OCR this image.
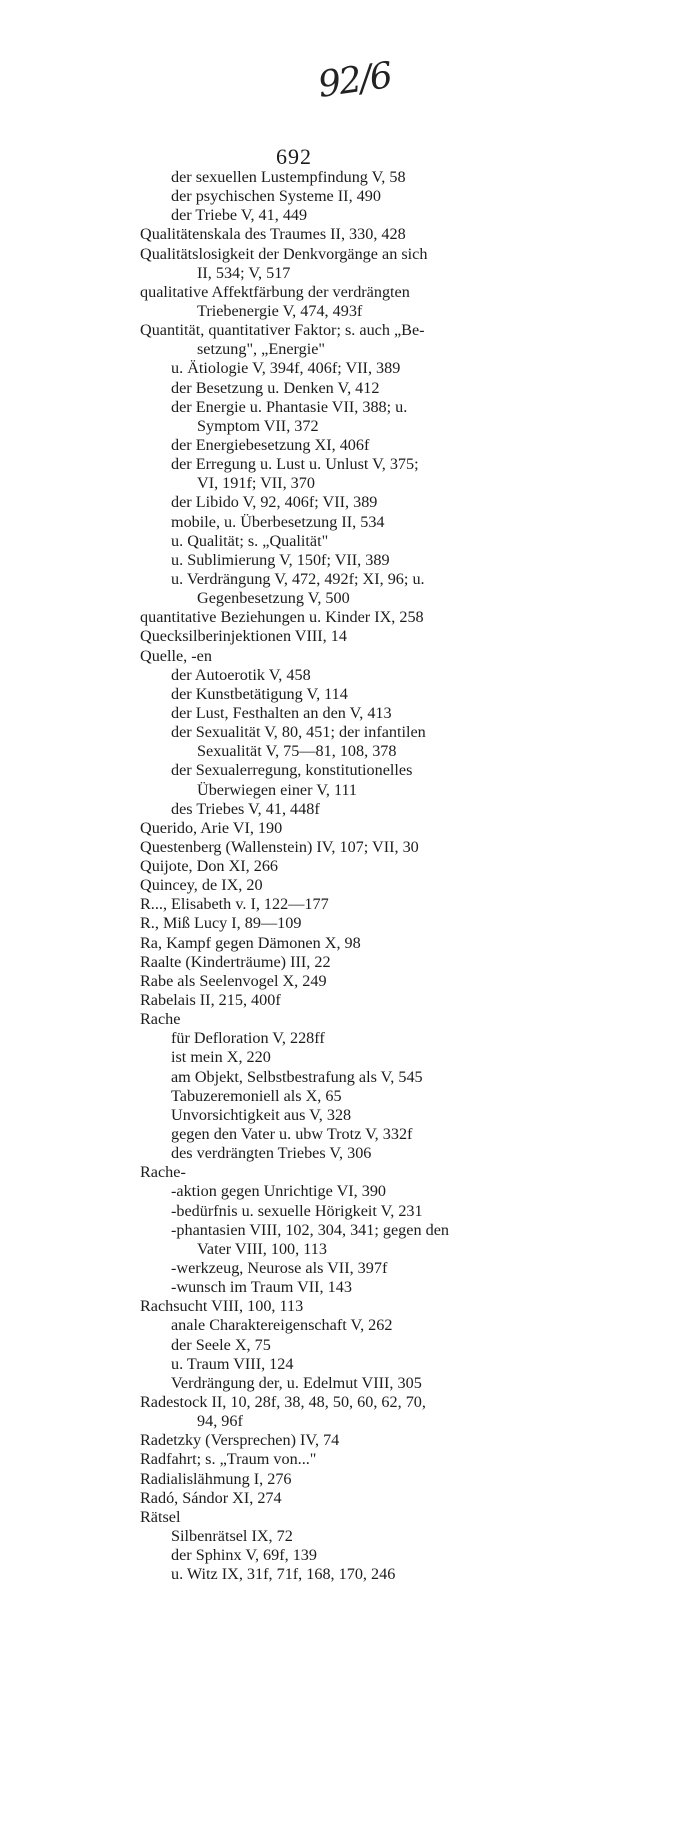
92/6
692
der sexuellen Lustempfindung V, 58
der psychischen Systeme II, 490
der Triebe V, 41, 449
Qualitätenskala des Traumes II, 330, 428
Qualitätslosigkeit der Denkvorgänge an sich
II, 534; V, 517
qualitative Affektfärbung der verdrängten
Triebenergie V, 474, 493f
Quantität, quantitativer Faktor; s. auch „Be-
setzung", „Energie"
u. Ätiologie V, 394f, 406f; VII, 389
der Besetzung u. Denken V, 412
der Energie u. Phantasie VII, 388; u.
Symptom VII, 372
der Energiebesetzung XI, 406f
der Erregung u. Lust u. Unlust V, 375;
VI, 191f; VII, 370
der Libido V, 92, 406f; VII, 389
mobile, u. Überbesetzung II, 534
u. Qualität; s. „Qualität"
u. Sublimierung V, 150f; VII, 389
u. Verdrängung V, 472, 492f; XI, 96; u.
Gegenbesetzung V, 500
quantitative Beziehungen u. Kinder IX, 258
Quecksilberinjektionen VIII, 14
Quelle, -en
der Autoerotik V, 458
der Kunstbetätigung V, 114
der Lust, Festhalten an den V, 413
der Sexualität V, 80, 451; der infantilen
Sexualität V, 75—81, 108, 378
der Sexualerregung, konstitutionelles
Überwiegen einer V, 111
des Triebes V, 41, 448f
Querido, Arie VI, 190
Questenberg (Wallenstein) IV, 107; VII, 30
Quijote, Don XI, 266
Quincey, de IX, 20
R..., Elisabeth v. I, 122—177
R., Miß Lucy I, 89—109
Ra, Kampf gegen Dämonen X, 98
Raalte (Kinderträume) III, 22
Rabe als Seelenvogel X, 249
Rabelais II, 215, 400f
Rache
für Defloration V, 228ff
ist mein X, 220
am Objekt, Selbstbestrafung als V, 545
Tabuzeremoniell als X, 65
Unvorsichtigkeit aus V, 328
gegen den Vater u. ubw Trotz V, 332f
des verdrängten Triebes V, 306
Rache-
-aktion gegen Unrichtige VI, 390
-bedürfnis u. sexuelle Hörigkeit V, 231
-phantasien VIII, 102, 304, 341; gegen den
Vater VIII, 100, 113
-werkzeug, Neurose als VII, 397f
-wunsch im Traum VII, 143
Rachsucht VIII, 100, 113
anale Charaktereigenschaft V, 262
der Seele X, 75
u. Traum VIII, 124
Verdrängung der, u. Edelmut VIII, 305
Radestock II, 10, 28f, 38, 48, 50, 60, 62, 70,
94, 96f
Radetzky (Versprechen) IV, 74
Radfahrt; s. „Traum von..."
Radialislähmung I, 276
Radó, Sándor XI, 274
Rätsel
Silbenrätsel IX, 72
der Sphinx V, 69f, 139
u. Witz IX, 31f, 71f, 168, 170, 246
